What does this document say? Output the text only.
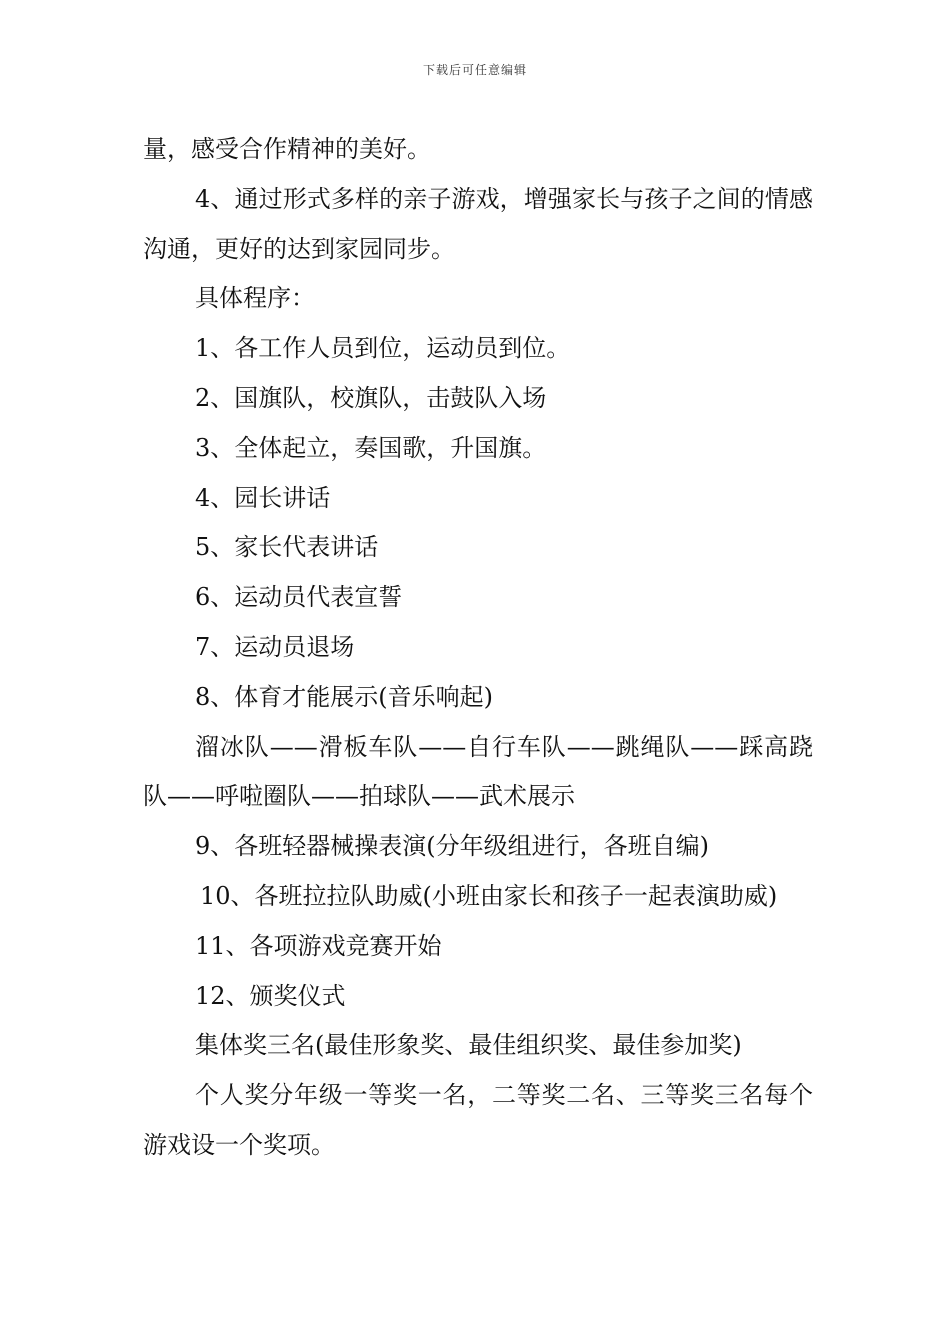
下载后可任意编辑

量，感受合作精神的美好。

4、通过形式多样的亲子游戏，增强家长与孩子之间的情感沟通，更好的达到家园同步。

具体程序：

1、各工作人员到位，运动员到位。

2、国旗队，校旗队，击鼓队入场

3、全体起立，奏国歌，升国旗。

4、园长讲话

5、家长代表讲话

6、运动员代表宣誓

7、运动员退场

8、体育才能展示(音乐响起)

溜冰队——滑板车队——自行车队——跳绳队——踩高跷队——呼啦圈队——拍球队——武术展示

9、各班轻器械操表演(分年级组进行，各班自编)

10、各班拉拉队助威(小班由家长和孩子一起表演助威)

11、各项游戏竞赛开始

12、颁奖仪式

集体奖三名(最佳形象奖、最佳组织奖、最佳参加奖)

个人奖分年级一等奖一名，二等奖二名、三等奖三名每个游戏设一个奖项。
